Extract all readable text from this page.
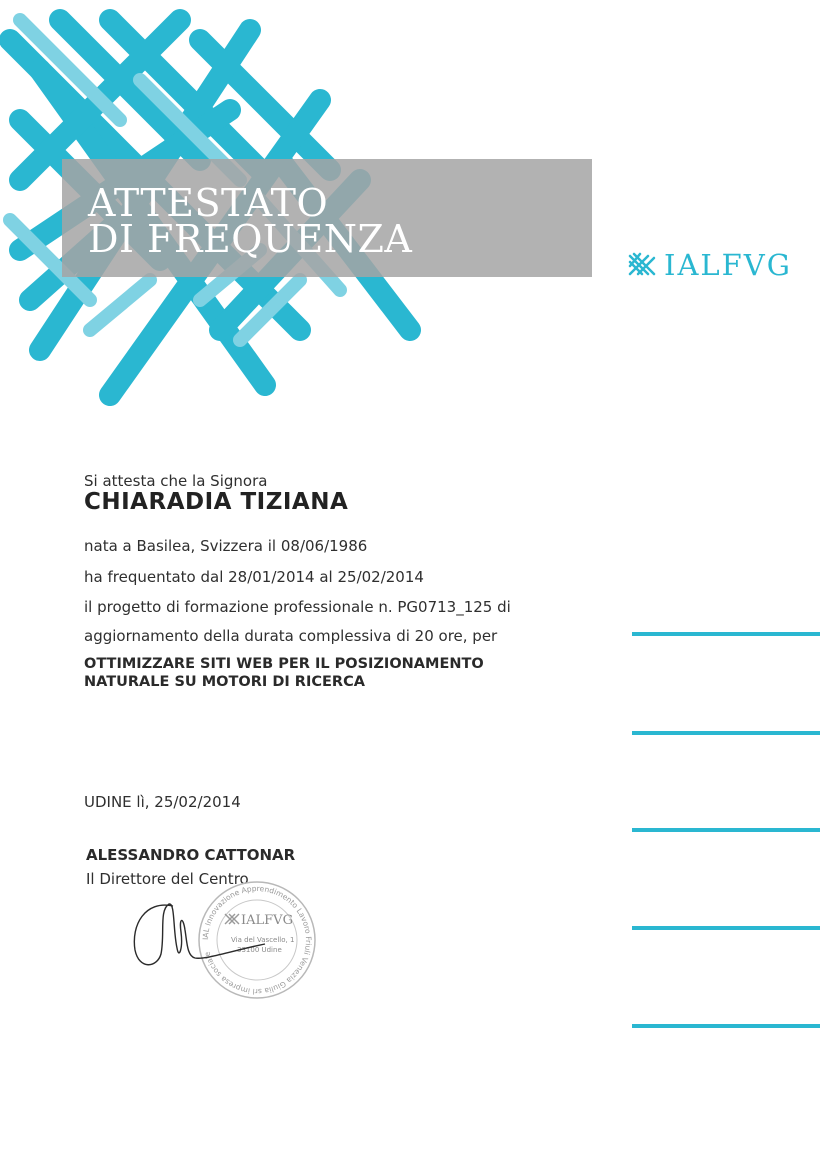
ATTESTATO
DI FREQUENZA
IALFVG
Si attesta che la Signora
CHIARADIA TIZIANA
nata a Basilea, Svizzera il 08/06/1986
ha frequentato dal 28/01/2014 al 25/02/2014
il progetto di formazione professionale n. PG0713_125 di
aggiornamento della durata complessiva di 20 ore, per
OTTIMIZZARE SITI WEB PER IL POSIZIONAMENTO
NATURALE SU MOTORI DI RICERCA
UDINE lì, 25/02/2014
ALESSANDRO CATTONAR
Il Direttore del Centro
IAL Innovazione Apprendimento Lavoro Friuli Venezia Giulia srl impresa sociale
IALFVG
Via del Vascello, 1
33100 Udine
